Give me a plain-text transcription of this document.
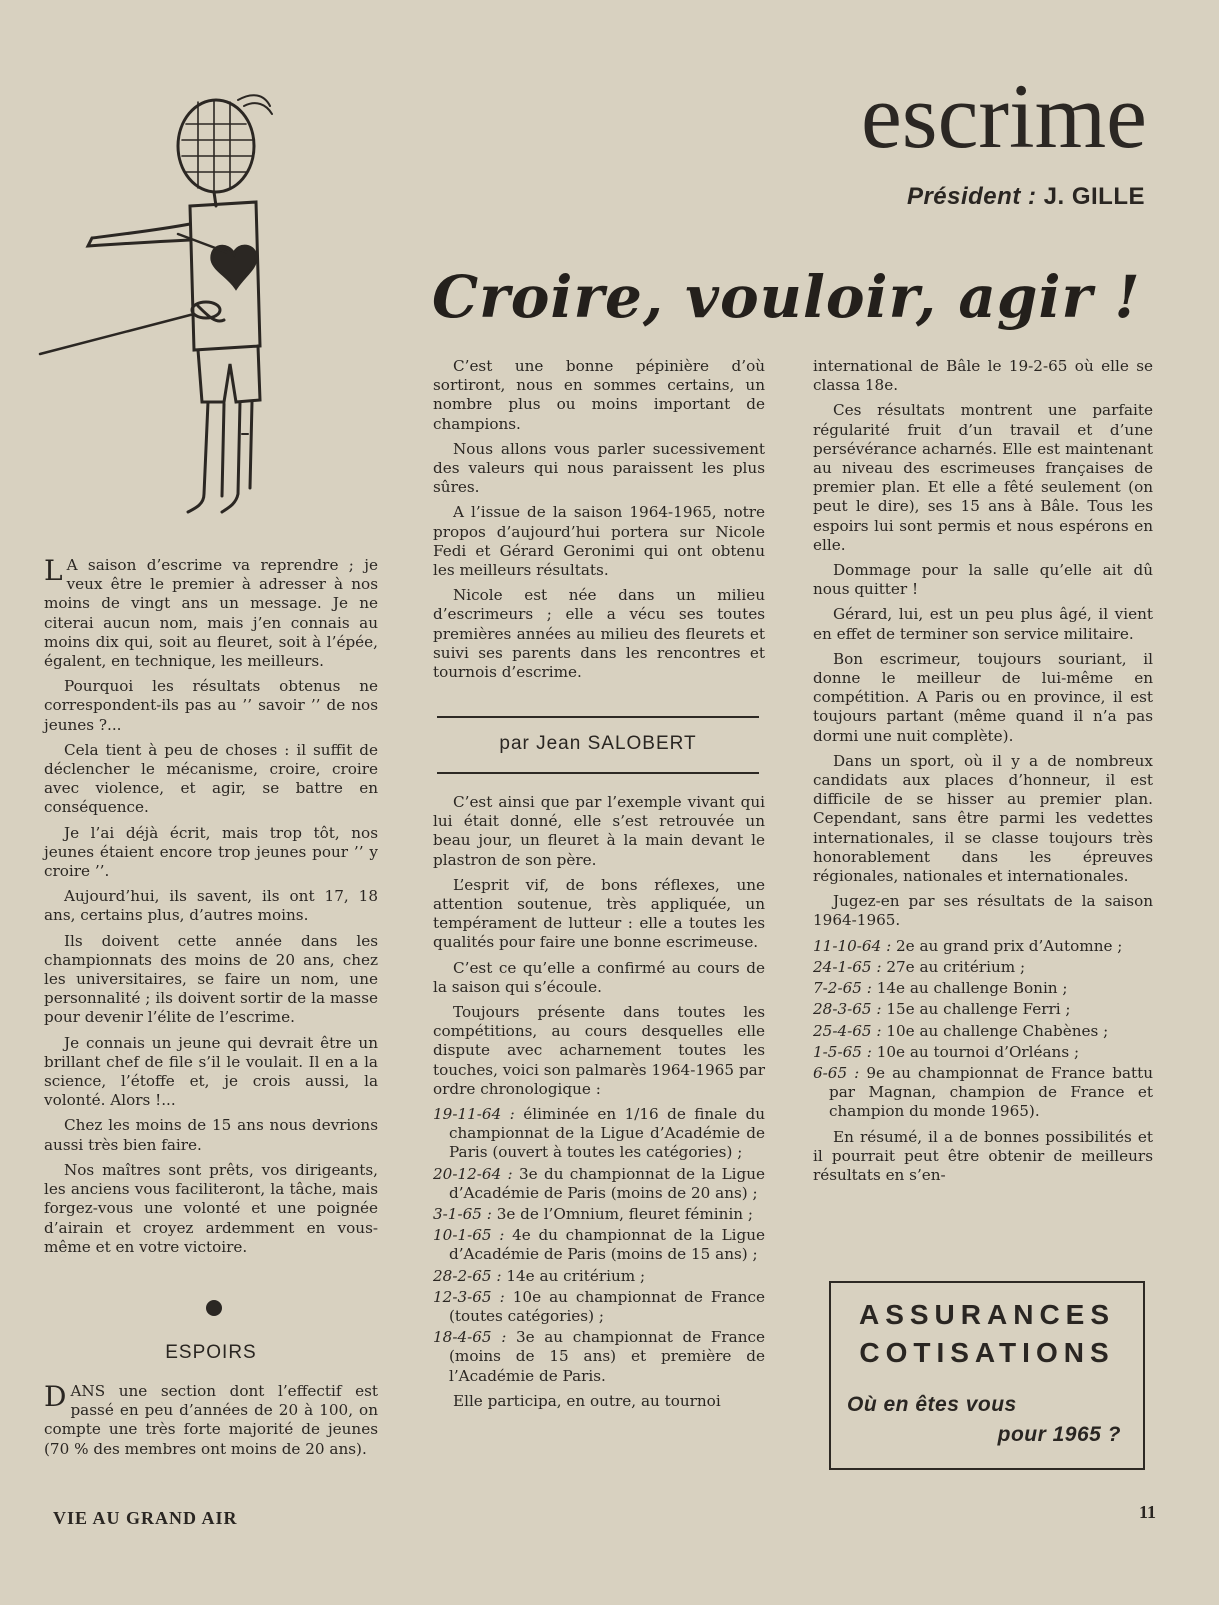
escrime
Président : J. GILLE
Croire, vouloir, agir !

L A saison d’escrime va reprendre ; je veux être le premier à adresser à nos moins de vingt ans un message. Je ne citerai aucun nom, mais j’en connais au moins dix qui, soit au fleuret, soit à l’épée, égalent, en technique, les meilleurs.

Pourquoi les résultats obtenus ne correspondent-ils pas au ’’ savoir ’’ de nos jeunes ?...

Cela tient à peu de choses : il suffit de déclencher le mécanisme, croire, croire avec violence, et agir, se battre en conséquence.

Je l’ai déjà écrit, mais trop tôt, nos jeunes étaient encore trop jeunes pour ’’ y croire ’’.

Aujourd’hui, ils savent, ils ont 17, 18 ans, certains plus, d’autres moins.

Ils doivent cette année dans les championnats des moins de 20 ans, chez les universitaires, se faire un nom, une personnalité ; ils doivent sortir de la masse pour devenir l’élite de l’escrime.

Je connais un jeune qui devrait être un brillant chef de file s’il le voulait. Il en a la science, l’étoffe et, je crois aussi, la volonté. Alors !...

Chez les moins de 15 ans nous devrions aussi très bien faire.

Nos maîtres sont prêts, vos dirigeants, les anciens vous faciliteront, la tâche, mais forgez-vous une volonté et une poignée d’airain et croyez ardemment en vous-même et en votre victoire.

ESPOIRS

DANS une section dont l’effectif est passé en peu d’années de 20 à 100, on compte une très forte majorité de jeunes (70 % des membres ont moins de 20 ans).

C’est une bonne pépinière d’où sortiront, nous en sommes certains, un nombre plus ou moins important de champions.

Nous allons vous parler sucessivement des valeurs qui nous paraissent les plus sûres.

A l’issue de la saison 1964-1965, notre propos d’aujourd’hui portera sur Nicole Fedi et Gérard Geronimi qui ont obtenu les meilleurs résultats.

Nicole est née dans un milieu d’escrimeurs ; elle a vécu ses toutes premières années au milieu des fleurets et suivi ses parents dans les rencontres et tournois d’escrime.

par Jean SALOBERT

C’est ainsi que par l’exemple vivant qui lui était donné, elle s’est retrouvée un beau jour, un fleuret à la main devant le plastron de son père.

L’esprit vif, de bons réflexes, une attention soutenue, très appliquée, un tempérament de lutteur : elle a toutes les qualités pour faire une bonne escrimeuse.

C’est ce qu’elle a confirmé au cours de la saison qui s’écoule.

Toujours présente dans toutes les compétitions, au cours desquelles elle dispute avec acharnement toutes les touches, voici son palmarès 1964-1965 par ordre chronologique :

19-11-64 : éliminée en 1/16 de finale du championnat de la Ligue d’Académie de Paris (ouvert à toutes les catégories) ;
20-12-64 : 3e du championnat de la Ligue d’Académie de Paris (moins de 20 ans) ;
3-1-65 : 3e de l’Omnium, fleuret féminin ;
10-1-65 : 4e du championnat de la Ligue d’Académie de Paris (moins de 15 ans) ;
28-2-65 : 14e au critérium ;
12-3-65 : 10e au championnat de France (toutes catégories) ;
18-4-65 : 3e au championnat de France (moins de 15 ans) et première de l’Académie de Paris.

Elle participa, en outre, au tournoi

international de Bâle le 19-2-65 où elle se classa 18e.

Ces résultats montrent une parfaite régularité fruit d’un travail et d’une persévérance acharnés. Elle est maintenant au niveau des escrimeuses françaises de premier plan. Et elle a fêté seulement (on peut le dire), ses 15 ans à Bâle. Tous les espoirs lui sont permis et nous espérons en elle.

Dommage pour la salle qu’elle ait dû nous quitter !

Gérard, lui, est un peu plus âgé, il vient en effet de terminer son service militaire.

Bon escrimeur, toujours souriant, il donne le meilleur de lui-même en compétition. A Paris ou en province, il est toujours partant (même quand il n’a pas dormi une nuit complète).

Dans un sport, où il y a de nombreux candidats aux places d’honneur, il est difficile de se hisser au premier plan. Cependant, sans être parmi les vedettes internationales, il se classe toujours très honorablement dans les épreuves régionales, nationales et internationales.

Jugez-en par ses résultats de la saison 1964-1965.

11-10-64 : 2e au grand prix d’Automne ;
24-1-65 : 27e au critérium ;
7-2-65 : 14e au challenge Bonin ;
28-3-65 : 15e au challenge Ferri ;
25-4-65 : 10e au challenge Chabènes ;
1-5-65 : 10e au tournoi d’Orléans ;
6-65 : 9e au championnat de France battu par Magnan, champion de France et champion du monde 1965).

En résumé, il a de bonnes possibilités et il pourrait peut être obtenir de meilleurs résultats en s’en-

ASSURANCES
COTISATIONS
Où en êtes vous
pour 1965 ?
VIE AU GRAND AIR	11
